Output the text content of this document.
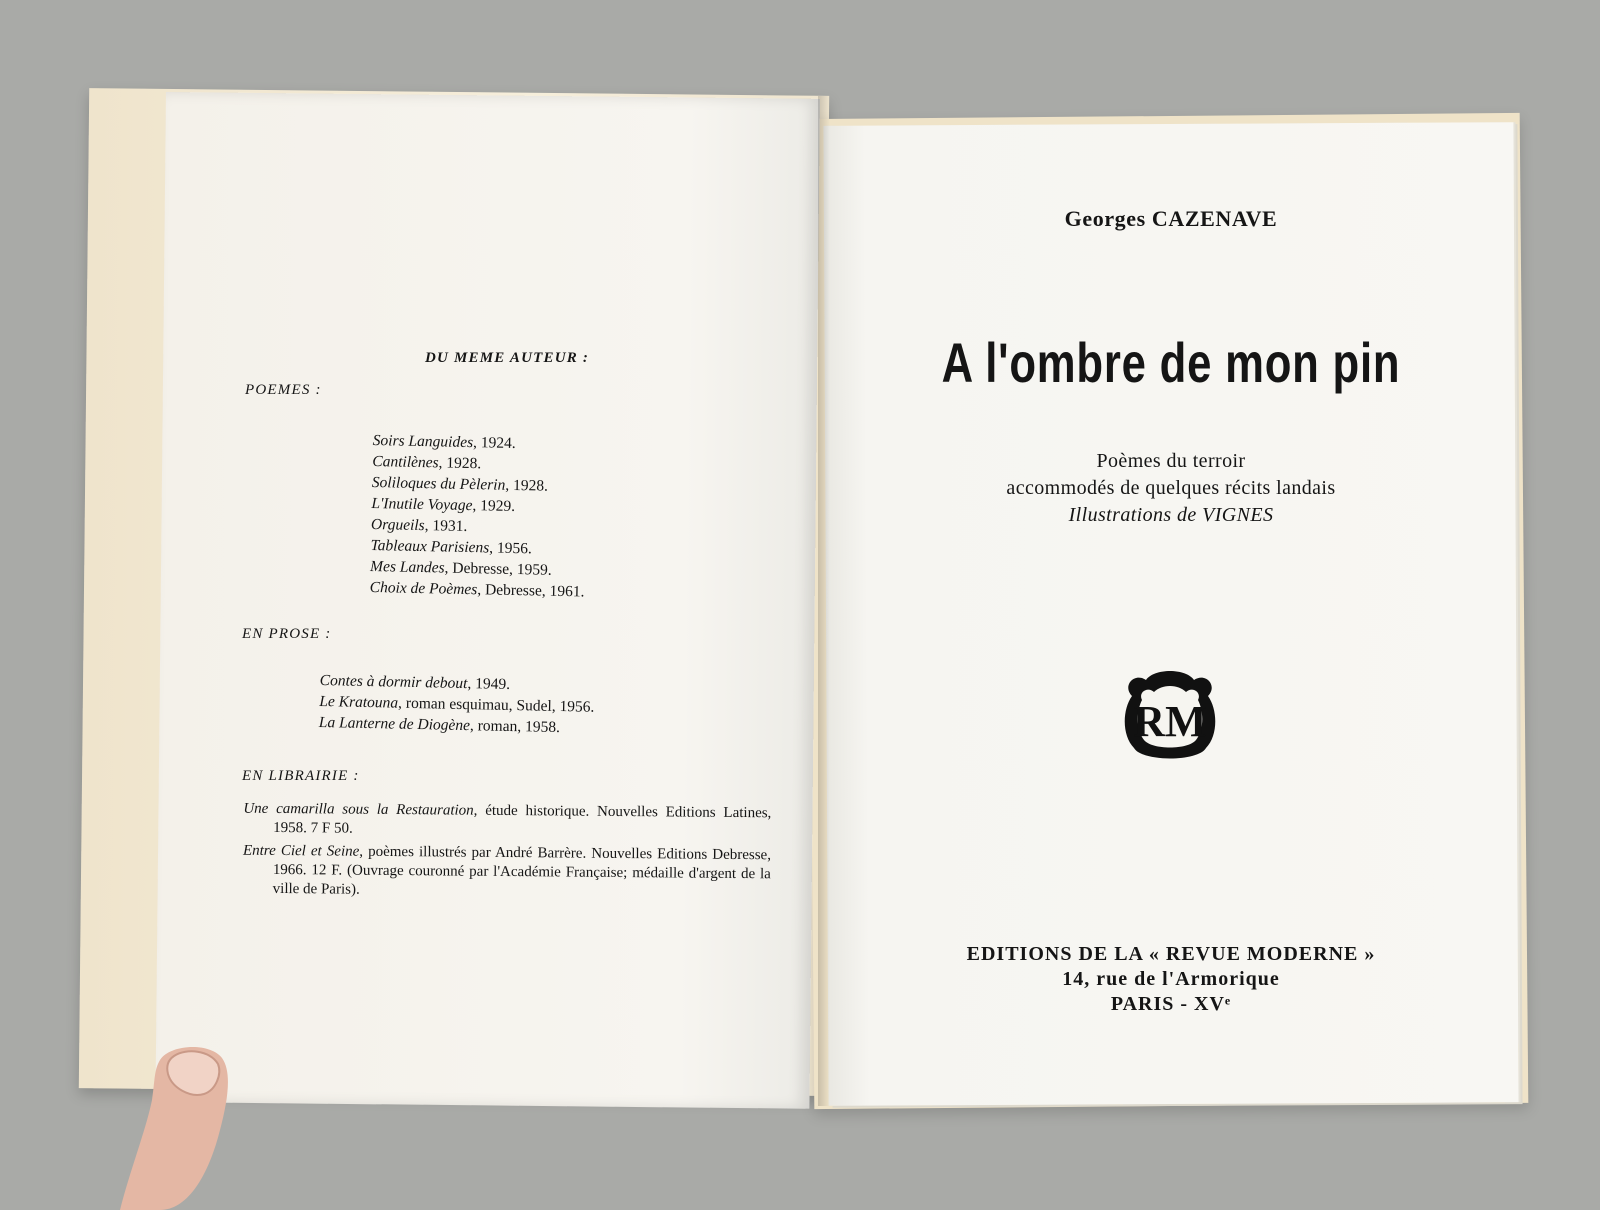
DU MEME AUTEUR :
POEMES :
Soirs Languides, 1924.
Cantilènes, 1928.
Soliloques du Pèlerin, 1928.
L'Inutile Voyage, 1929.
Orgueils, 1931.
Tableaux Parisiens, 1956.
Mes Landes, Debresse, 1959.
Choix de Poèmes, Debresse, 1961.
EN PROSE :
Contes à dormir debout, 1949.
Le Kratouna, roman esquimau, Sudel, 1956.
La Lanterne de Diogène, roman, 1958.
EN LIBRAIRIE :

Une camarilla sous la Restauration, étude historique. Nouvelles Editions Latines, 1958. 7 F 50.

Entre Ciel et Seine, poèmes illustrés par André Barrère. Nouvelles Editions Debresse, 1966. 12 F. (Ouvrage couronné par l'Académie Française; médaille d'argent de la ville de Paris).

Georges CAZENAVE
A l'ombre de mon pin
Poèmes du terroir
accommodés de quelques récits landais
Illustrations de VIGNES
RM
EDITIONS DE LA « REVUE MODERNE »
14, rue de l'Armorique
PARIS - XVᵉ
